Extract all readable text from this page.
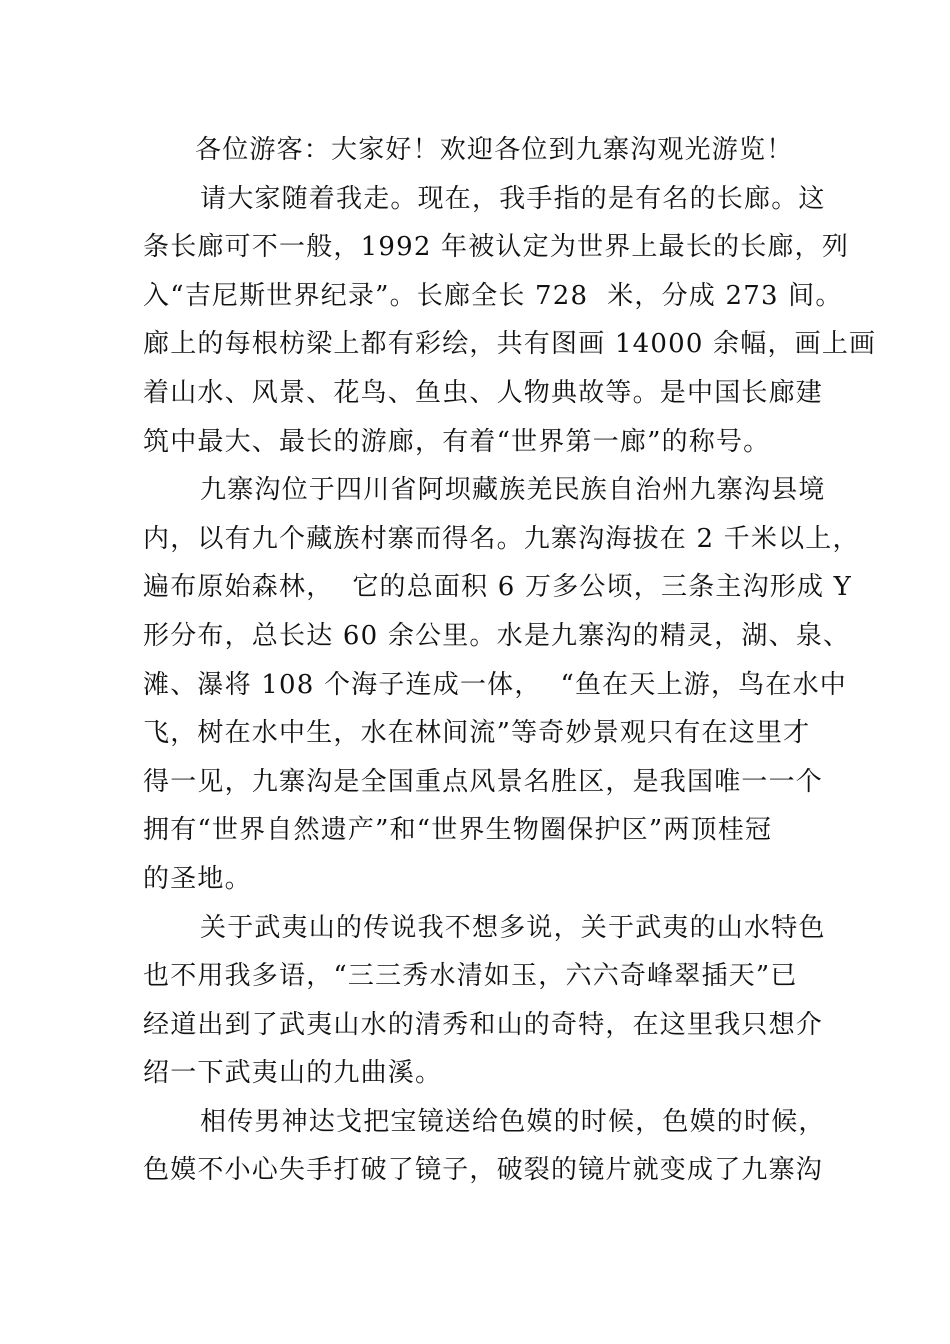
各位游客：大家好！欢迎各位到九寨沟观光游览！
请大家随着我走。现在，我手指的是有名的长廊。这
条长廊可不一般，1992 年被认定为世界上最长的长廊，列
入“吉尼斯世界纪录”。长廊全长 728  米，分成 273 间。
廊上的每根枋梁上都有彩绘，共有图画 14000 余幅，画上画
着山水、风景、花鸟、鱼虫、人物典故等。是中国长廊建
筑中最大、最长的游廊，有着“世界第一廊”的称号。
九寨沟位于四川省阿坝藏族羌民族自治州九寨沟县境
内，以有九个藏族村寨而得名。九寨沟海拔在 2 千米以上，
遍布原始森林，  它的总面积 6 万多公顷，三条主沟形成 Y
形分布，总长达 60 余公里。水是九寨沟的精灵，湖、泉、
滩、瀑将 108 个海子连成一体，  “鱼在天上游，鸟在水中
飞，树在水中生，水在林间流”等奇妙景观只有在这里才
得一见，九寨沟是全国重点风景名胜区，是我国唯一一个
拥有“世界自然遗产”和“世界生物圈保护区”两顶桂冠
的圣地。
关于武夷山的传说我不想多说，关于武夷的山水特色
也不用我多语，“三三秀水清如玉，六六奇峰翠插天”已
经道出到了武夷山水的清秀和山的奇特，在这里我只想介
绍一下武夷山的九曲溪。
相传男神达戈把宝镜送给色嫫的时候，色嫫的时候，
色嫫不小心失手打破了镜子，破裂的镜片就变成了九寨沟
